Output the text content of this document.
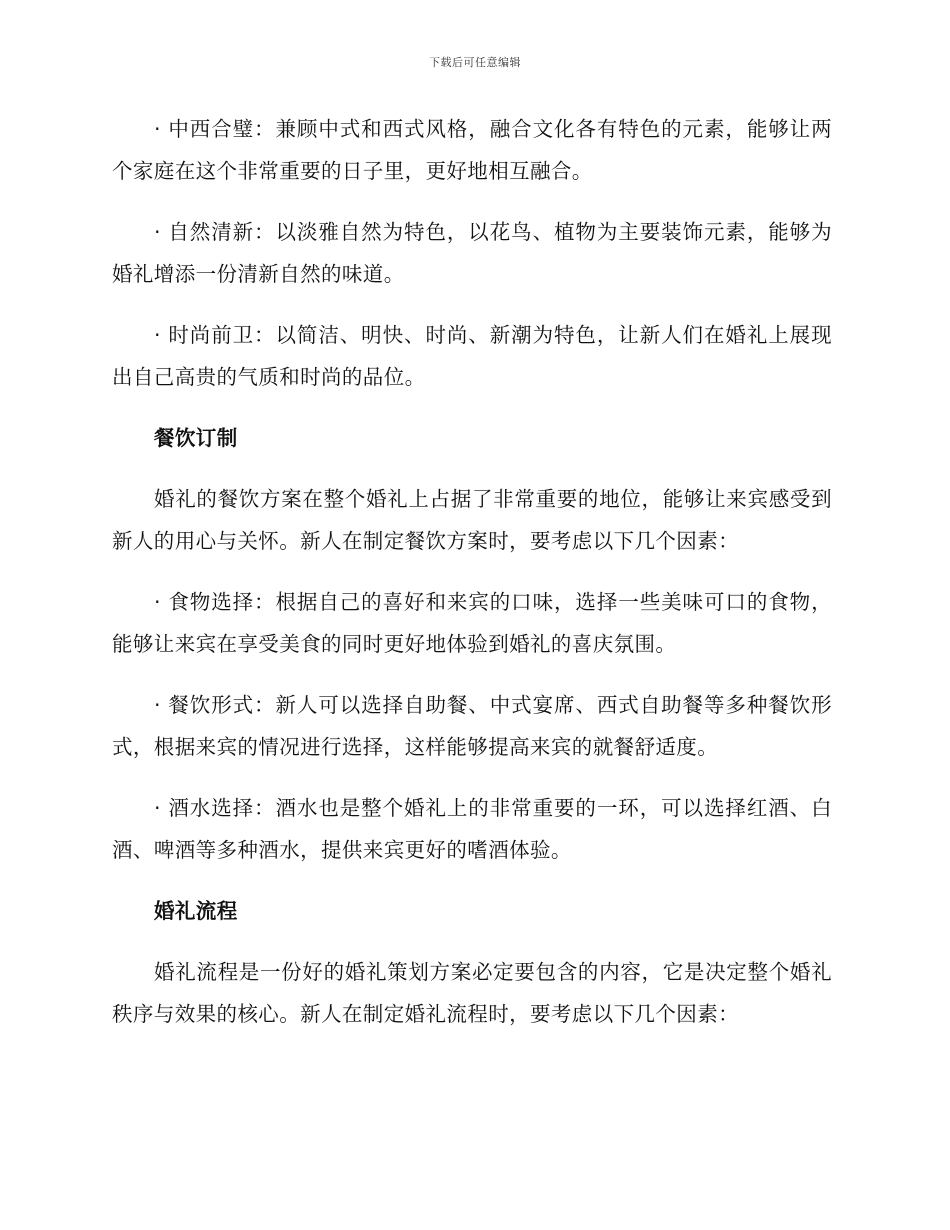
下载后可任意编辑

· 中西合璧：兼顾中式和西式风格，融合文化各有特色的元素，能够让两个家庭在这个非常重要的日子里，更好地相互融合。

· 自然清新：以淡雅自然为特色，以花鸟、植物为主要装饰元素，能够为婚礼增添一份清新自然的味道。

· 时尚前卫：以简洁、明快、时尚、新潮为特色，让新人们在婚礼上展现出自己高贵的气质和时尚的品位。

餐饮订制

婚礼的餐饮方案在整个婚礼上占据了非常重要的地位，能够让来宾感受到新人的用心与关怀。新人在制定餐饮方案时，要考虑以下几个因素：

· 食物选择：根据自己的喜好和来宾的口味，选择一些美味可口的食物，能够让来宾在享受美食的同时更好地体验到婚礼的喜庆氛围。

· 餐饮形式：新人可以选择自助餐、中式宴席、西式自助餐等多种餐饮形式，根据来宾的情况进行选择，这样能够提高来宾的就餐舒适度。

· 酒水选择：酒水也是整个婚礼上的非常重要的一环，可以选择红酒、白酒、啤酒等多种酒水，提供来宾更好的嗜酒体验。

婚礼流程

婚礼流程是一份好的婚礼策划方案必定要包含的内容，它是决定整个婚礼秩序与效果的核心。新人在制定婚礼流程时，要考虑以下几个因素：
